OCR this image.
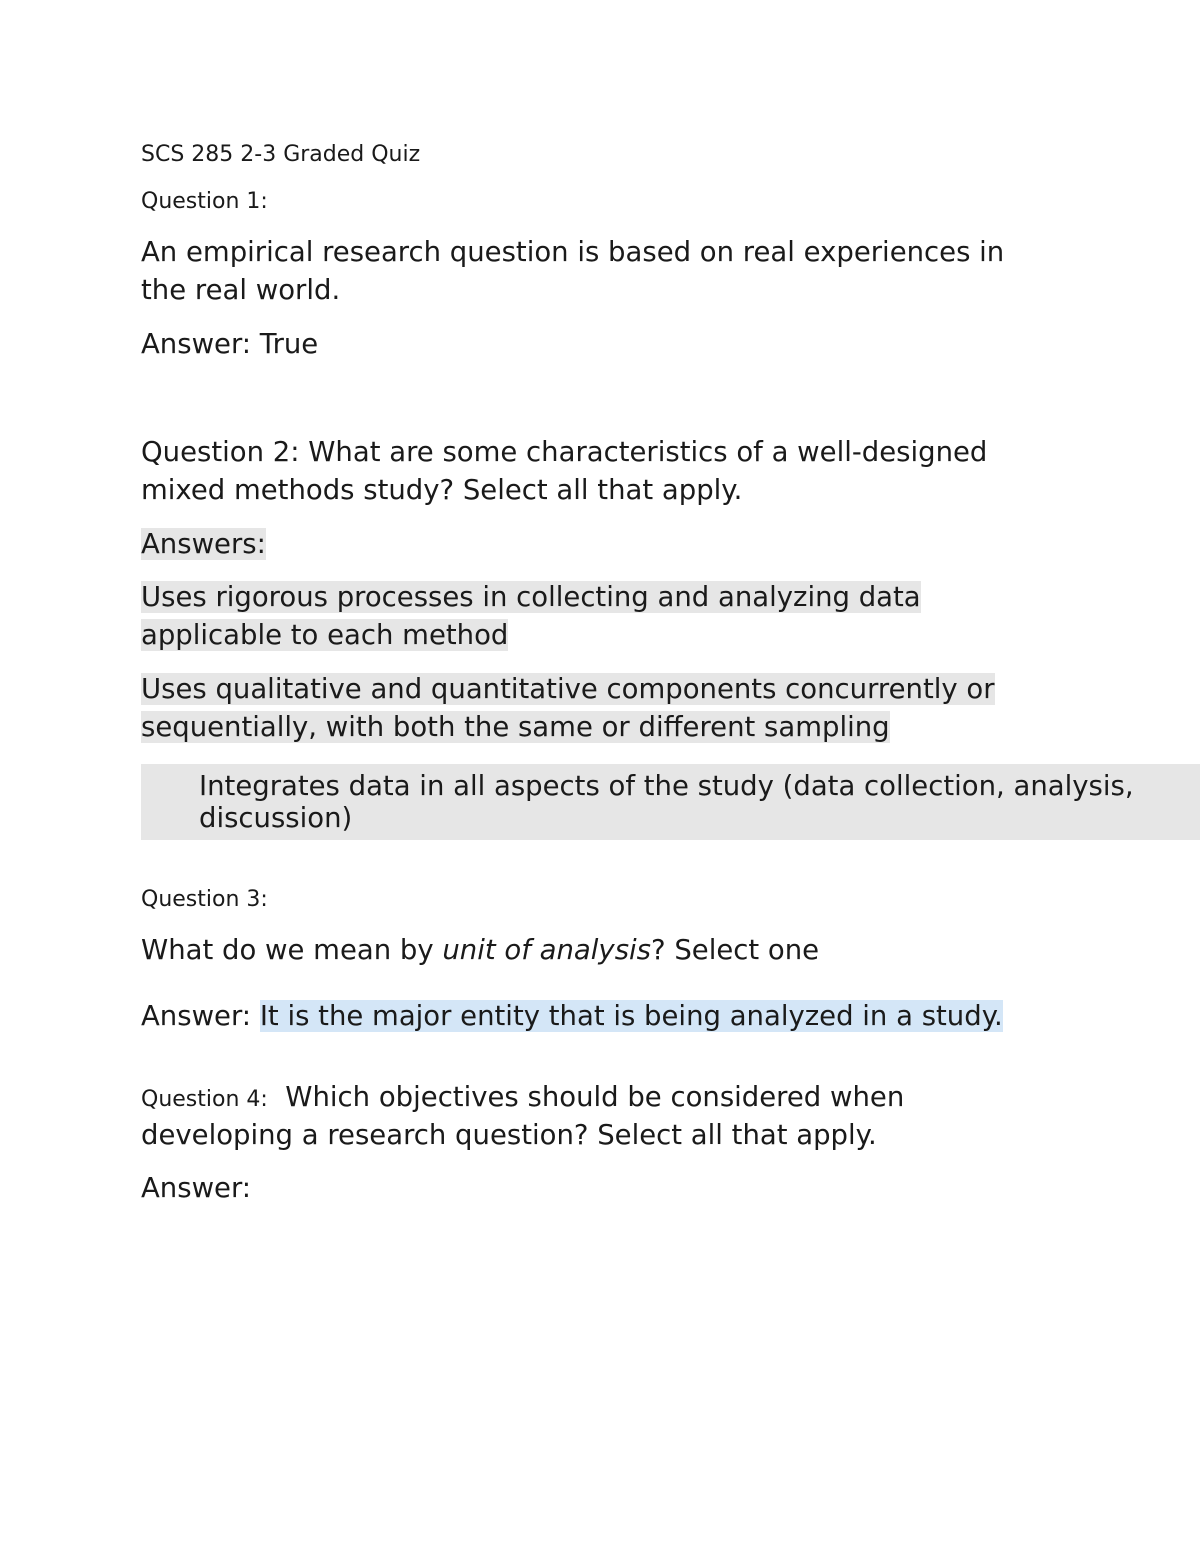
SCS 285 2-3 Graded Quiz

Question 1:

An empirical research question is based on real experiences in

the real world.

Answer: True

Question 2: What are some characteristics of a well-designed

mixed methods study? Select all that apply.

Answers:

Uses rigorous processes in collecting and analyzing data

applicable to each method

Uses qualitative and quantitative components concurrently or

sequentially, with both the same or different sampling

Integrates data in all aspects of the study (data collection, analysis,
discussion)

Question 3:

What do we mean by unit of analysis? Select one

Answer: It is the major entity that is being analyzed in a study.

Question 4: Which objectives should be considered when

developing a research question? Select all that apply.

Answer:
